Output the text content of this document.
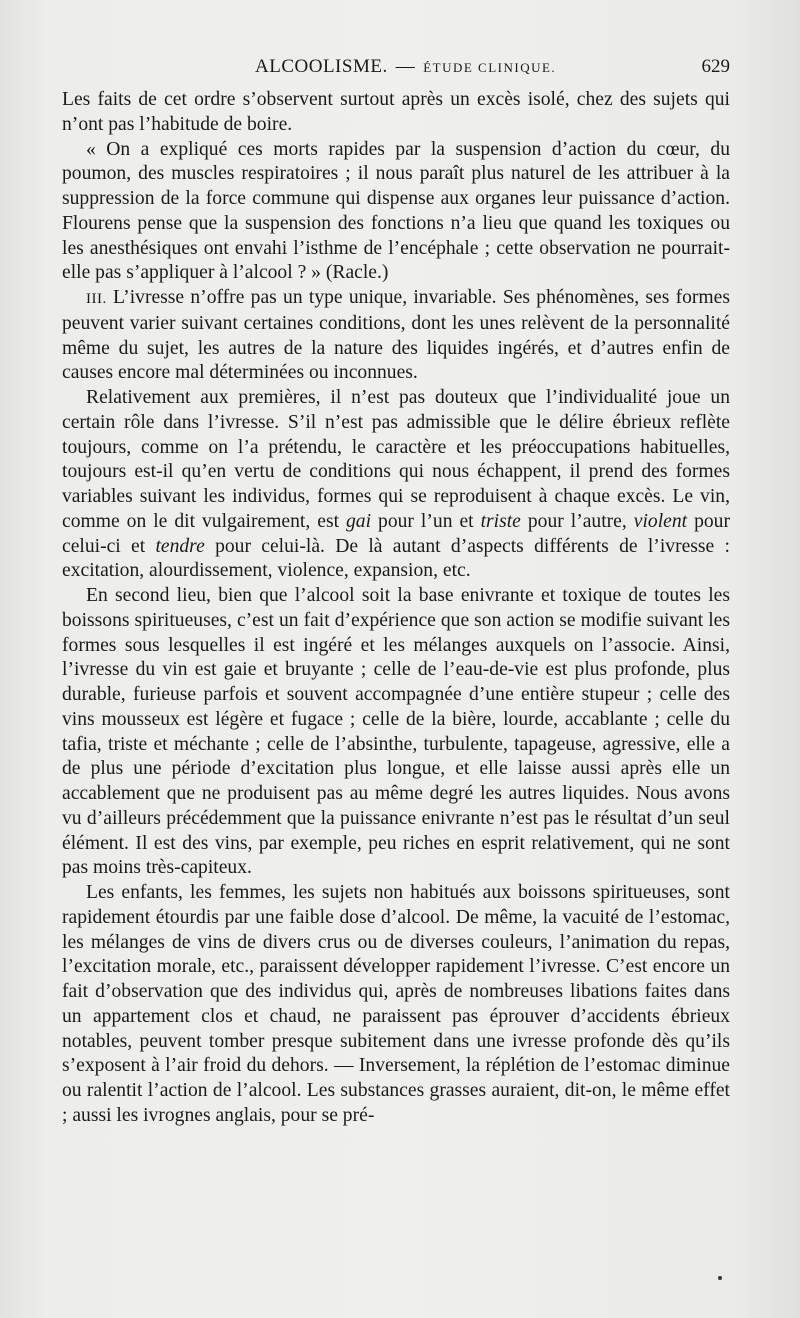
ALCOOLISME. — ÉTUDE CLINIQUE.	629

Les faits de cet ordre s’observent surtout après un excès isolé, chez des sujets qui n’ont pas l’habitude de boire.

« On a expliqué ces morts rapides par la suspension d’action du cœur, du poumon, des muscles respiratoires ; il nous paraît plus naturel de les attribuer à la suppression de la force commune qui dispense aux organes leur puissance d’action. Flourens pense que la suspension des fonctions n’a lieu que quand les toxiques ou les anesthésiques ont envahi l’isthme de l’encéphale ; cette observation ne pourrait-elle pas s’appliquer à l’alcool ? » (Racle.)

III. L’ivresse n’offre pas un type unique, invariable. Ses phénomènes, ses formes peuvent varier suivant certaines conditions, dont les unes relèvent de la personnalité même du sujet, les autres de la nature des liquides ingérés, et d’autres enfin de causes encore mal déterminées ou inconnues.

Relativement aux premières, il n’est pas douteux que l’individualité joue un certain rôle dans l’ivresse. S’il n’est pas admissible que le délire ébrieux reflète toujours, comme on l’a prétendu, le caractère et les préoccupations habituelles, toujours est-il qu’en vertu de conditions qui nous échappent, il prend des formes variables suivant les individus, formes qui se reproduisent à chaque excès. Le vin, comme on le dit vulgairement, est gai pour l’un et triste pour l’autre, violent pour celui-ci et tendre pour celui-là. De là autant d’aspects différents de l’ivresse : excitation, alourdissement, violence, expansion, etc.

En second lieu, bien que l’alcool soit la base enivrante et toxique de toutes les boissons spiritueuses, c’est un fait d’expérience que son action se modifie suivant les formes sous lesquelles il est ingéré et les mélanges auxquels on l’associe. Ainsi, l’ivresse du vin est gaie et bruyante ; celle de l’eau-de-vie est plus profonde, plus durable, furieuse parfois et souvent accompagnée d’une entière stupeur ; celle des vins mousseux est légère et fugace ; celle de la bière, lourde, accablante ; celle du tafia, triste et méchante ; celle de l’absinthe, turbulente, tapageuse, agressive, elle a de plus une période d’excitation plus longue, et elle laisse aussi après elle un accablement que ne produisent pas au même degré les autres liquides. Nous avons vu d’ailleurs précédemment que la puissance enivrante n’est pas le résultat d’un seul élément. Il est des vins, par exemple, peu riches en esprit relativement, qui ne sont pas moins très-capiteux.

Les enfants, les femmes, les sujets non habitués aux boissons spiritueuses, sont rapidement étourdis par une faible dose d’alcool. De même, la vacuité de l’estomac, les mélanges de vins de divers crus ou de diverses couleurs, l’animation du repas, l’excitation morale, etc., paraissent développer rapidement l’ivresse. C’est encore un fait d’observation que des individus qui, après de nombreuses libations faites dans un appartement clos et chaud, ne paraissent pas éprouver d’accidents ébrieux notables, peuvent tomber presque subitement dans une ivresse profonde dès qu’ils s’exposent à l’air froid du dehors. — Inversement, la réplétion de l’estomac diminue ou ralentit l’action de l’alcool. Les substances grasses auraient, dit-on, le même effet ; aussi les ivrognes anglais, pour se pré-
